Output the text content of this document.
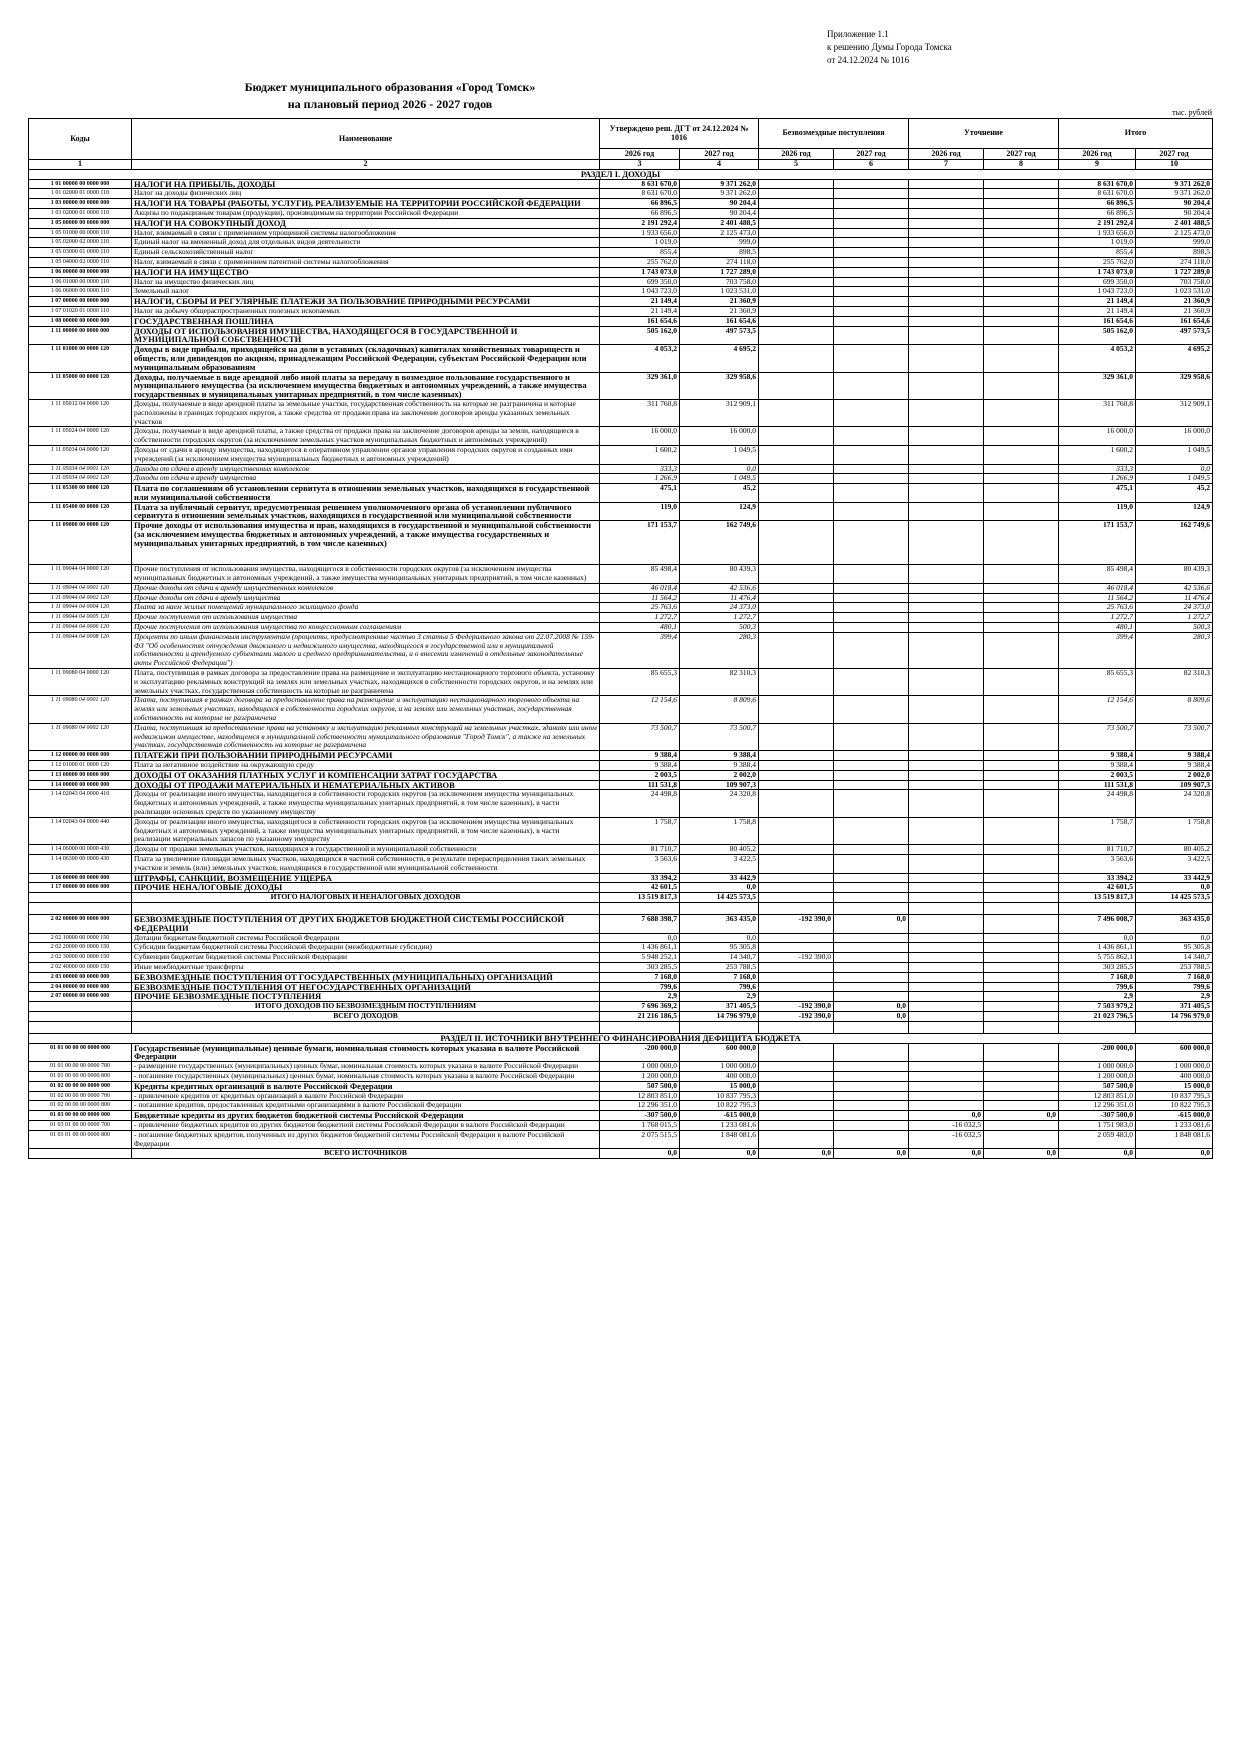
Приложение 1.1
к решению Думы Города Томска
от 24.12.2024 № 1016
Бюджет муниципального образования «Город Томск»
на плановый период 2026 - 2027 годов
тыс. рублей
Коды	Наименование	Утверждено реш. ДГТ от 24.12.2024 № 1016		Безвозмездные поступления		Уточнение		Итого	
		2026 год	2027 год	2026 год	2027 год	2026 год	2027 год	2026 год	2027 год
1	2	3	4	5	6	7	8	9	10
РАЗДЕЛ I. ДОХОДЫ									
1 01 00000 00 0000 000	НАЛОГИ НА ПРИБЫЛЬ, ДОХОДЫ	8 631 670,0	9 371 262,0					8 631 670,0	9 371 262,0
1 01 02000 01 0000 110	Налог на доходы физических лиц	8 631 670,0	9 371 262,0					8 631 670,0	9 371 262,0
1 03 00000 00 0000 000	НАЛОГИ НА ТОВАРЫ (РАБОТЫ, УСЛУГИ), РЕАЛИЗУЕМЫЕ НА ТЕРРИТОРИИ РОССИЙСКОЙ ФЕДЕРАЦИИ	66 896,5	90 204,4					66 896,5	90 204,4
1 03 02000 01 0000 110	Акцизы по подакцизным товарам (продукции), производимым на территории Российской Федерации	66 896,5	90 204,4					66 896,5	90 204,4
1 05 00000 00 0000 000	НАЛОГИ НА СОВОКУПНЫЙ ДОХОД	2 191 292,4	2 401 488,5					2 191 292,4	2 401 488,5
1 05 01000 00 0000 110	Налог, взимаемый в связи с применением упрощенной системы налогообложения	1 933 656,0	2 125 473,0					1 933 656,0	2 125 473,0
1 05 02000 02 0000 110	Единый налог на вмененный доход для отдельных видов деятельности	1 019,0	999,0					1 019,0	999,0
1 05 03000 01 0000 110	Единый сельскохозяйственный налог	855,4	898,5					855,4	898,5
1 05 04000 02 0000 110	Налог, взимаемый в связи с применением патентной системы налогообложения	255 762,0	274 118,0					255 762,0	274 118,0
1 06 00000 00 0000 000	НАЛОГИ НА ИМУЩЕСТВО	1 743 073,0	1 727 289,0					1 743 073,0	1 727 289,0
1 06 01000 00 0000 110	Налог на имущество физических лиц	699 350,0	703 758,0					699 350,0	703 758,0
1 06 06000 00 0000 110	Земельный налог	1 043 723,0	1 023 531,0					1 043 723,0	1 023 531,0
1 07 00000 00 0000 000	НАЛОГИ, СБОРЫ И РЕГУЛЯРНЫЕ ПЛАТЕЖИ ЗА ПОЛЬЗОВАНИЕ ПРИРОДНЫМИ РЕСУРСАМИ	21 149,4	21 360,9					21 149,4	21 360,9
1 07 01020 01 0000 110	Налог на добычу общераспространенных полезных ископаемых	21 149,4	21 360,9					21 149,4	21 360,9
1 08 00000 00 0000 000	ГОСУДАРСТВЕННАЯ ПОШЛИНА	161 654,6	161 654,6					161 654,6	161 654,6
1 11 00000 00 0000 000	ДОХОДЫ ОТ ИСПОЛЬЗОВАНИЯ ИМУЩЕСТВА, НАХОДЯЩЕГОСЯ В ГОСУДАРСТВЕННОЙ И МУНИЦИПАЛЬНОЙ СОБСТВЕННОСТИ	505 162,0	497 573,5					505 162,0	497 573,5
1 11 01000 00 0000 120	Доходы в виде прибыли, приходящейся на доли в уставных (складочных) капиталах хозяйственных товариществ и обществ, или дивидендов по акциям, принадлежащим Российской Федерации, субъектам Российской Федерации или муниципальным образованиям	4 053,2	4 695,2					4 053,2	4 695,2
1 11 05000 00 0000 120	Доходы, получаемые в виде арендной либо иной платы за передачу в возмездное пользование государственного и муниципального имущества (за исключением имущества бюджетных и автономных учреждений, а также имущества государственных и муниципальных унитарных предприятий, в том числе казенных)	329 361,0	329 958,6					329 361,0	329 958,6
1 11 05012 04 0000 120	Доходы, получаемые в виде арендной платы за земельные участки, государственная собственность на которые не разграничена и которые расположены в границах городских округов, а также средства от продажи права на заключение договоров аренды указанных земельных участков	311 760,8	312 909,1					311 760,8	312 909,1
1 11 05024 04 0000 120	Доходы, получаемые в виде арендной платы, а также средства от продажи права на заключение договоров аренды за земли, находящиеся в собственности городских округов (за исключением земельных участков муниципальных бюджетных и автономных учреждений)	16 000,0	16 000,0					16 000,0	16 000,0
1 11 05034 04 0000 120	Доходы от сдачи в аренду имущества, находящегося в оперативном управлении органов управления городских округов и созданных ими учреждений (за исключением имущества муниципальных бюджетных и автономных учреждений)	1 600,2	1 049,5					1 600,2	1 049,5
1 11 05034 04 0001 120	Доходы от сдачи в аренду имущественных комплексов	333,3	0,0					333,3	0,0
1 11 05034 04 0002 120	Доходы от сдачи в аренду имущества	1 266,9	1 049,5					1 266,9	1 049,5
1 11 05300 00 0000 120	Плата по соглашениям об установлении сервитута в отношении земельных участков, находящихся в государственной или муниципальной собственности	475,1	45,2					475,1	45,2
1 11 05400 00 0000 120	Плата за публичный сервитут, предусмотренная решением уполномоченного органа об установлении публичного сервитута в отношении земельных участков, находящихся в государственной или муниципальной собственности	119,0	124,9					119,0	124,9
1 11 09000 00 0000 120	Прочие доходы от использования имущества и прав, находящихся в государственной и муниципальной собственности (за исключением имущества бюджетных и автономных учреждений, а также имущества государственных и муниципальных унитарных предприятий, в том числе казенных)	171 153,7	162 749,6					171 153,7	162 749,6
1 11 09044 04 0000 120	Прочие поступления от использования имущества, находящегося в собственности городских округов (за исключением имущества муниципальных бюджетных и автономных учреждений, а также имущества муниципальных унитарных предприятий, в том числе казенных)	85 498,4	80 439,3					85 498,4	80 439,3
1 11 09044 04 0001 120	Прочие доходы от сдачи в аренду имущественных комплексов	46 018,4	42 536,6					46 018,4	42 536,6
1 11 09044 04 0002 120	Прочие доходы от сдачи в аренду имущества	11 564,2	11 476,4					11 564,2	11 476,4
1 11 09044 04 0004 120	Плата за наем жилых помещений муниципального жилищного фонда	25 763,6	24 373,0					25 763,6	24 373,0
1 11 09044 04 0005 120	Прочие поступления от использования имущества	1 272,7	1 272,7					1 272,7	1 272,7
1 11 09044 04 0006 120	Прочие поступления от использования имущества по концессионным соглашениям	480,1	500,3					480,1	500,3
1 11 09044 04 0008 120	Проценты по иным финансовым инструментам (проценты, предусмотренные частью 3 статьи 5 Федерального закона от 22.07.2008 № 159-ФЗ "Об особенностях отчуждения движимого и недвижимого имущества, находящегося в государственной или в муниципальной собственности и арендуемого субъектами малого и среднего предпринимательства, и о внесении изменений в отдельные законодательные акты Российской Федерации")	399,4	280,3					399,4	280,3
1 11 09080 04 0000 120	Плата, поступившая в рамках договора за предоставление права на размещение и эксплуатацию нестационарного торгового объекта, установку и эксплуатацию рекламных конструкций на землях или земельных участках, находящихся в собственности городских округов, и на землях или земельных участках, государственная собственность на которые не разграничена	85 655,3	82 310,3					85 655,3	82 310,3
1 11 09080 04 0001 120	Плата, поступившая в рамках договора за предоставление права на размещение и эксплуатацию нестационарного торгового объекта на землях или земельных участках, находящихся в собственности городских округов, и на землях или земельных участках, государственная собственность на которые не разграничена	12 154,6	8 809,6					12 154,6	8 809,6
1 11 09080 04 0002 120	Плата, поступившая за предоставление права на установку и эксплуатацию рекламных конструкций на земельных участках, зданиях или ином недвижимом имуществе, находящемся в муниципальной собственности муниципального образования "Город Томск", а также на земельных участках, государственная собственность на которые не разграничена	73 500,7	73 500,7					73 500,7	73 500,7
1 12 00000 00 0000 000	ПЛАТЕЖИ ПРИ ПОЛЬЗОВАНИИ ПРИРОДНЫМИ РЕСУРСАМИ	9 388,4	9 388,4					9 388,4	9 388,4
1 12 01000 01 0000 120	Плата за негативное воздействие на окружающую среду	9 388,4	9 388,4					9 388,4	9 388,4
1 13 00000 00 0000 000	ДОХОДЫ ОТ ОКАЗАНИЯ ПЛАТНЫХ УСЛУГ И КОМПЕНСАЦИИ ЗАТРАТ ГОСУДАРСТВА	2 003,5	2 002,0					2 003,5	2 002,0
1 14 00000 00 0000 000	ДОХОДЫ ОТ ПРОДАЖИ МАТЕРИАЛЬНЫХ И НЕМАТЕРИАЛЬНЫХ АКТИВОВ	111 531,8	109 907,3					111 531,8	109 907,3
1 14 02043 04 0000 410	Доходы от реализации иного имущества, находящегося в собственности городских округов (за исключением имущества муниципальных бюджетных и автономных учреждений, а также имущества муниципальных унитарных предприятий, в том числе казенных), в части реализации основных средств по указанному имуществу	24 498,8	24 320,8					24 498,8	24 320,8
1 14 02043 04 0000 440	Доходы от реализации иного имущества, находящегося в собственности городских округов (за исключением имущества муниципальных бюджетных и автономных учреждений, а также имущества муниципальных унитарных предприятий, в том числе казенных), в части реализации материальных запасов по указанному имуществу	1 758,7	1 758,8					1 758,7	1 758,8
1 14 06000 00 0000 430	Доходы от продажи земельных участков, находящихся в государственной и муниципальной собственности	81 710,7	80 405,2					81 710,7	80 405,2
1 14 06300 00 0000 430	Плата за увеличение площади земельных участков, находящихся в частной собственности, в результате перераспределения таких земельных участков и земель (или) земельных участков, находящихся в государственной или муниципальной собственности	3 563,6	3 422,5					3 563,6	3 422,5
1 16 00000 00 0000 000	ШТРАФЫ, САНКЦИИ, ВОЗМЕЩЕНИЕ УЩЕРБА	33 394,2	33 442,9					33 394,2	33 442,9
1 17 00000 00 0000 000	ПРОЧИЕ НЕНАЛОГОВЫЕ ДОХОДЫ	42 601,5	0,0					42 601,5	0,0
	ИТОГО НАЛОГОВЫХ И НЕНАЛОГОВЫХ ДОХОДОВ	13 519 817,3	14 425 573,5					13 519 817,3	14 425 573,5

2 02 00000 00 0000 000	БЕЗВОЗМЕЗДНЫЕ ПОСТУПЛЕНИЯ ОТ ДРУГИХ БЮДЖЕТОВ БЮДЖЕТНОЙ СИСТЕМЫ РОССИЙСКОЙ ФЕДЕРАЦИИ	7 688 398,7	363 435,0	-192 390,0	0,0			7 496 008,7	363 435,0
2 02 10000 00 0000 150	Дотации бюджетам бюджетной системы Российской Федерации	0,0	0,0					0,0	0,0
2 02 20000 00 0000 150	Субсидии бюджетам бюджетной системы Российской Федерации (межбюджетные субсидии)	1 436 861,1	95 305,8					1 436 861,1	95 305,8
2 02 30000 00 0000 150	Субвенции бюджетам бюджетной системы Российской Федерации	5 948 252,1	14 340,7	-192 390,0				5 755 862,1	14 340,7
2 02 40000 00 0000 150	Иные межбюджетные трансферты	303 285,5	253 788,5					303 285,5	253 788,5
2 03 00000 00 0000 000	БЕЗВОЗМЕЗДНЫЕ ПОСТУПЛЕНИЯ ОТ ГОСУДАРСТВЕННЫХ (МУНИЦИПАЛЬНЫХ) ОРГАНИЗАЦИЙ	7 168,0	7 168,0					7 168,0	7 168,0
2 04 00000 00 0000 000	БЕЗВОЗМЕЗДНЫЕ ПОСТУПЛЕНИЯ ОТ НЕГОСУДАРСТВЕННЫХ ОРГАНИЗАЦИЙ	799,6	799,6					799,6	799,6
2 07 00000 00 0000 000	ПРОЧИЕ БЕЗВОЗМЕЗДНЫЕ ПОСТУПЛЕНИЯ	2,9	2,9					2,9	2,9
	ИТОГО ДОХОДОВ ПО БЕЗВОЗМЕЗДНЫМ ПОСТУПЛЕНИЯМ	7 696 369,2	371 405,5	-192 390,0	0,0			7 503 979,2	371 405,5
	ВСЕГО ДОХОДОВ	21 216 186,5	14 796 979,0	-192 390,0	0,0			21 023 796,5	14 796 979,0

РАЗДЕЛ II. ИСТОЧНИКИ ВНУТРЕННЕГО ФИНАНСИРОВАНИЯ ДЕФИЦИТА БЮДЖЕТА									
01 01 00 00 00 0000 000	Государственные (муниципальные) ценные бумаги, номинальная стоимость которых указана в валюте Российской Федерации	-200 000,0	600 000,0					-200 000,0	600 000,0
01 01 00 00 00 0000 700	- размещение государственных (муниципальных) ценных бумаг, номинальная стоимость которых указана в валюте Российской Федерации	1 000 000,0	1 000 000,0					1 000 000,0	1 000 000,0
01 01 00 00 00 0000 800	- погашение государственных (муниципальных) ценных бумаг, номинальная стоимость которых указана в валюте Российской Федерации	1 200 000,0	400 000,0					1 200 000,0	400 000,0
01 02 00 00 00 0000 000	Кредиты кредитных организаций в валюте Российской Федерации	507 500,0	15 000,0					507 500,0	15 000,0
01 02 00 00 00 0000 700	- привлечение кредитов от кредитных организаций в валюте Российской Федерации	12 803 851,0	10 837 795,3					12 803 851,0	10 837 795,3
01 02 00 00 00 0000 800	- погашение кредитов, предоставленных кредитными организациями в валюте Российской Федерации	12 296 351,0	10 822 795,3					12 296 351,0	10 822 795,3
01 03 00 00 00 0000 000	Бюджетные кредиты из других бюджетов бюджетной системы Российской Федерации	-307 500,0	-615 000,0			0,0	0,0	-307 500,0	-615 000,0
01 03 01 00 00 0000 700	- привлечение бюджетных кредитов из других бюджетов бюджетной системы Российской Федерации в валюте Российской Федерации	1 768 015,5	1 233 081,6			-16 032,5		1 751 983,0	1 233 081,6
01 03 01 00 00 0000 800	- погашение бюджетных кредитов, полученных из других бюджетов бюджетной системы Российской Федерации в валюте Российской Федерации	2 075 515,5	1 848 081,6			-16 032,5		2 059 483,0	1 848 081,6
	ВСЕГО ИСТОЧНИКОВ	0,0	0,0	0,0	0,0	0,0	0,0	0,0	0,0
